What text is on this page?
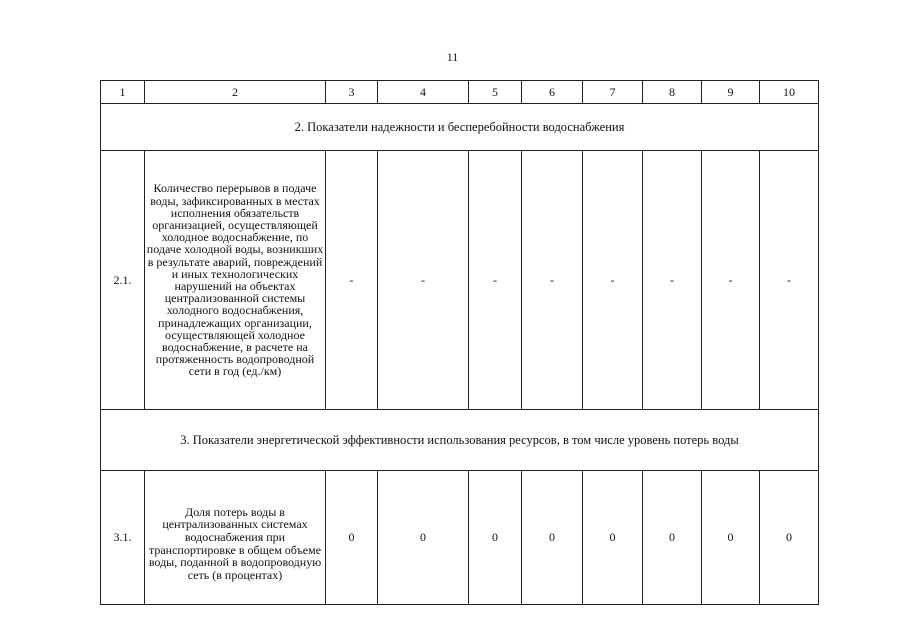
11
1	2	3	4	5	6	7	8	9	10
2. Показатели надежности и бесперебойности водоснабжения									
2.1.	Количество перерывов в подаче воды, зафиксированных в местах исполнения обязательств организацией, осуществляющей холодное водоснабжение, по подаче холодной воды, возникших в результате аварий, повреждений и иных технологических нарушений на объектах централизованной системы холодного водоснабжения, принадлежащих организации, осуществляющей холодное водоснабжение, в расчете на протяженность водопроводной сети в год (ед./км)	-	-	-	-	-	-	-	-
3. Показатели энергетической эффективности использования ресурсов, в том числе уровень потерь воды									
3.1.	Доля потерь воды в централизованных системах водоснабжения при транспортировке в общем объеме воды, поданной в водопроводную сеть (в процентах)	0	0	0	0	0	0	0	0
